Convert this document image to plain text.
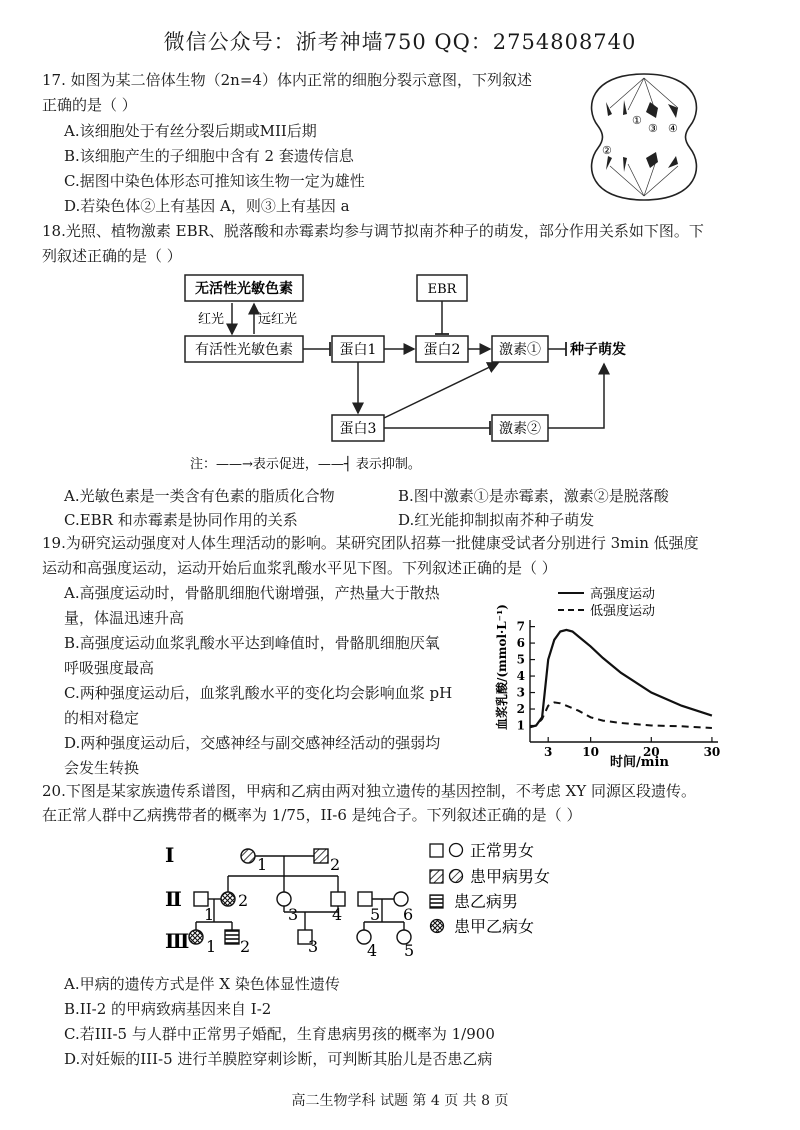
微信公众号：浙考神墙750 QQ：2754808740
17. 如图为某二倍体生物（2n=4）体内正常的细胞分裂示意图，下列叙述
正确的是（ ）
A.该细胞处于有丝分裂后期或MII后期
B.该细胞产生的子细胞中含有 2 套遗传信息
C.据图中染色体形态可推知该生物一定为雄性
D.若染色体②上有基因 A，则③上有基因 a
①
②
③ ④
18.光照、植物激素 EBR、脱落酸和赤霉素均参与调节拟南芥种子的萌发，部分作用关系如下图。下
列叙述正确的是（ ）
无活性光敏色素
有活性光敏色素
EBR
蛋白1	蛋白2	激素① 种子萌发
蛋白3	激素②
红光	远红光
注：——→表示促进，——┤ 表示抑制。
A.光敏色素是一类含有色素的脂质化合物	B.图中激素①是赤霉素，激素②是脱落酸
C.EBR 和赤霉素是协同作用的关系	D.红光能抑制拟南芥种子萌发
19.为研究运动强度对人体生理活动的影响。某研究团队招募一批健康受试者分别进行 3min 低强度
运动和高强度运动，运动开始后血浆乳酸水平见下图。下列叙述正确的是（ ）
A.高强度运动时，骨骼肌细胞代谢增强，产热量大于散热
量，体温迅速升高
B.高强度运动血浆乳酸水平达到峰值时，骨骼肌细胞厌氧
呼吸强度最高
C.两种强度运动后，血浆乳酸水平的变化均会影响血浆 pH
的相对稳定
D.两种强度运动后，交感神经与副交感神经活动的强弱均
会发生转换
高强度运动
低强度运动
1
2
3
4
5
6
7
3 10	20	30
时间/min
血浆乳酸/(mmol·L⁻¹)
20.下图是某家族遗传系谱图，甲病和乙病由两对独立遗传的基因控制，不考虑 XY 同源区段遗传。
在正常人群中乙病携带者的概率为 1/75，II-6 是纯合子。下列叙述正确的是（ ）
Ⅰ
Ⅱ
Ⅲ
1	2
1
2
3 4 5 6
1 2	3	4 5
正常男女
患甲病男女
患乙病男
患甲乙病女
A.甲病的遗传方式是伴 X 染色体显性遗传
B.II-2 的甲病致病基因来自 I-2
C.若III-5 与人群中正常男子婚配，生育患病男孩的概率为 1/900
D.对妊娠的III-5 进行羊膜腔穿刺诊断，可判断其胎儿是否患乙病
高二生物学科 试题 第 4 页 共 8 页
